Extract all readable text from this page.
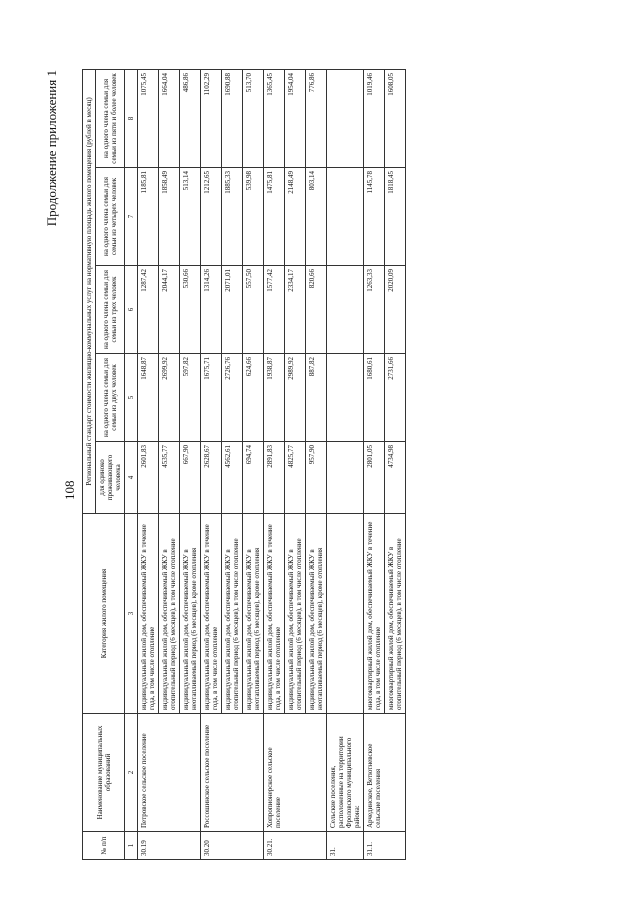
108
Продолжение приложения 1
№ п/п	Наименование муниципальных образований	Категория жилого помещения	Региональный стандарт стоимости жилищно-коммунальных услуг на нормативную площадь жилого помещения (рублей в месяц)				
			для одиноко проживающего человека	на одного члена семьи для семьи из двух человек	на одного члена семьи для семьи из трех человек	на одного члена семьи для семьи из четырех человек	на одного члена семьи для семьи из пяти и более человек
1	2	3	4	5	6	7	8
30.19	Петровское сельское поселение	индивидуальный жилой дом, обеспечиваемый ЖКУ в течение года, в том числе отопление	2601,83	1648,87	1287,42	1185,81	1075,45
		индивидуальный жилой дом, обеспечиваемый ЖКУ в отопительный период (6 месяцев), в том числе отопление	4535,77	2699,92	2044,17	1858,49	1664,04
		индивидуальный жилой дом, обеспечиваемый ЖКУ в неотапливаемый период (6 месяцев), кроме отопления	667,90	597,82	530,66	513,14	486,86
30.20	Россошинское сельское поселение	индивидуальный жилой дом, обеспечиваемый ЖКУ в течение года, в том числе отопление	2628,67	1675,71	1314,26	1212,65	1102,29
		индивидуальный жилой дом, обеспечиваемый ЖКУ в отопительный период (6 месяцев), в том числе отопление	4562,61	2726,76	2071,01	1885,33	1690,88
		индивидуальный жилой дом, обеспечиваемый ЖКУ в неотапливаемый период (6 месяцев), кроме отопления	694,74	624,66	557,50	539,98	513,70
30.21.	Хопропионерское сельское поселение	индивидуальный жилой дом, обеспечиваемый ЖКУ в течение года, в том числе отопление	2891,83	1938,87	1577,42	1475,81	1365,45
		индивидуальный жилой дом, обеспечиваемый ЖКУ в отопительный период (6 месяцев), в том числе отопление	4825,77	2989,92	2334,17	2148,49	1954,04
		индивидуальный жилой дом, обеспечиваемый ЖКУ в неотапливаемый период (6 месяцев), кроме отопления	957,90	887,82	820,66	803,14	776,86
31.	Сельские поселения, расположенные на территории Фроловского муниципального района:						
31.1.	Арчединское, Ветютневское сельские поселения	многоквартирный жилой дом, обеспечиваемый ЖКУ в течение года, в том числе отопление	2801,05	1680,61	1263,33	1145,78	1019,46
		многоквартирный жилой дом, обеспечиваемый ЖКУ в отопительный период (6 месяцев), в том числе отопление	4734,98	2731,66	2020,09	1818,45	1608,05
